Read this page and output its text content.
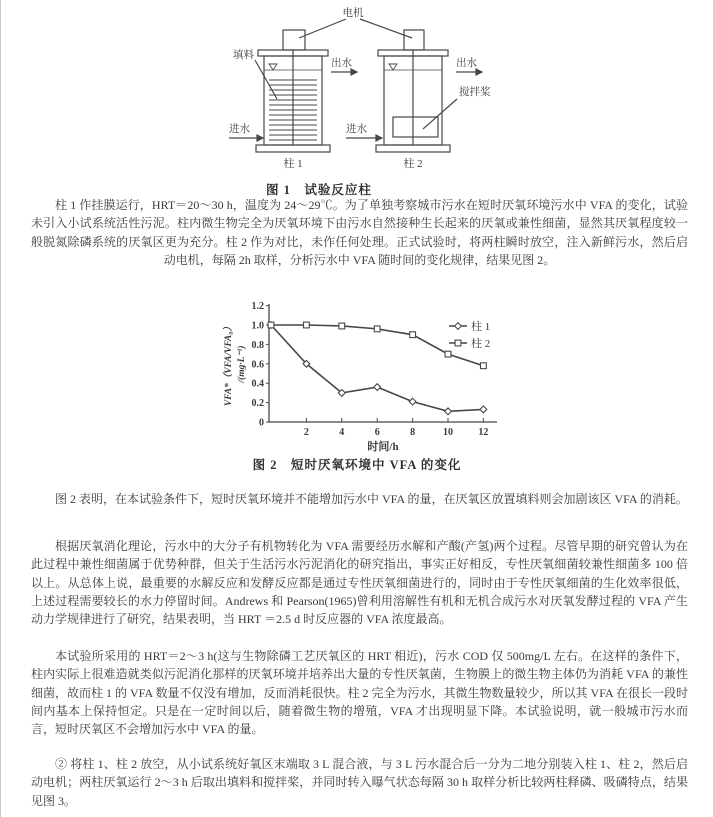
电机
填料
出水
进水
出水
进水
搅拌桨
柱 1	柱 2
图 1　试验反应柱
柱 1 作挂膜运行，HRT＝20～30 h，温度为 24～29℃。为了单独考察城市污水在短时厌氧环境污水中 VFA 的变化，试验未引入小试系统活性污泥。柱内微生物完全为厌氧环境下由污水自然接种生长起来的厌氧或兼性细菌，显然其厌氧程度较一般脱氮除磷系统的厌氧区更为充分。柱 2 作为对比，未作任何处理。正式试验时，将两柱瞬时放空，注入新鲜污水，然后启动电机，每隔 2h 取样，分析污水中 VFA 随时间的变化规律，结果见图 2。
0
0.2
0.4
0.6
0.8
1.0
1.2
2	4	6	8	10	12
时间/h
VFA*（VFA/VFA₀） /(mg·L⁻¹)
柱 1
柱 2
图 2　短时厌氧环境中 VFA 的变化
图 2 表明，在本试验条件下，短时厌氧环境并不能增加污水中 VFA 的量，在厌氧区放置填料则会加剧该区 VFA 的消耗。
根据厌氧消化理论，污水中的大分子有机物转化为 VFA 需要经历水解和产酸(产氢)两个过程。尽管早期的研究曾认为在此过程中兼性细菌属于优势种群，但关于生活污水污泥消化的研究指出，事实正好相反，专性厌氧细菌较兼性细菌多 100 倍以上。从总体上说，最重要的水解反应和发酵反应都是通过专性厌氧细菌进行的，同时由于专性厌氧细菌的生化效率很低，上述过程需要较长的水力停留时间。Andrews 和 Pearson(1965)曾利用溶解性有机和无机合成污水对厌氧发酵过程的 VFA 产生动力学规律进行了研究，结果表明，当 HRT ＝2.5 d 时反应器的 VFA 浓度最高。
本试验所采用的 HRT＝2～3 h(这与生物除磷工艺厌氧区的 HRT 相近)，污水 COD 仅 500mg/L 左右。在这样的条件下，柱内实际上很难造就类似污泥消化那样的厌氧环境并培养出大量的专性厌氧菌，生物膜上的微生物主体仍为消耗 VFA 的兼性细菌，故而柱 1 的 VFA 数量不仅没有增加，反而消耗很快。柱 2 完全为污水，其微生物数量较少，所以其 VFA 在很长一段时间内基本上保持恒定。只是在一定时间以后，随着微生物的增殖，VFA 才出现明显下降。本试验说明，就一般城市污水而言，短时厌氧区不会增加污水中 VFA 的量。
② 将柱 1、柱 2 放空，从小试系统好氧区末端取 3 L 混合液，与 3 L 污水混合后一分为二地分别装入柱 1、柱 2，然后启动电机；两柱厌氧运行 2～3 h 后取出填料和搅拌桨，并同时转入曝气状态每隔 30 h 取样分析比较两柱释磷、吸磷特点，结果见图 3。
